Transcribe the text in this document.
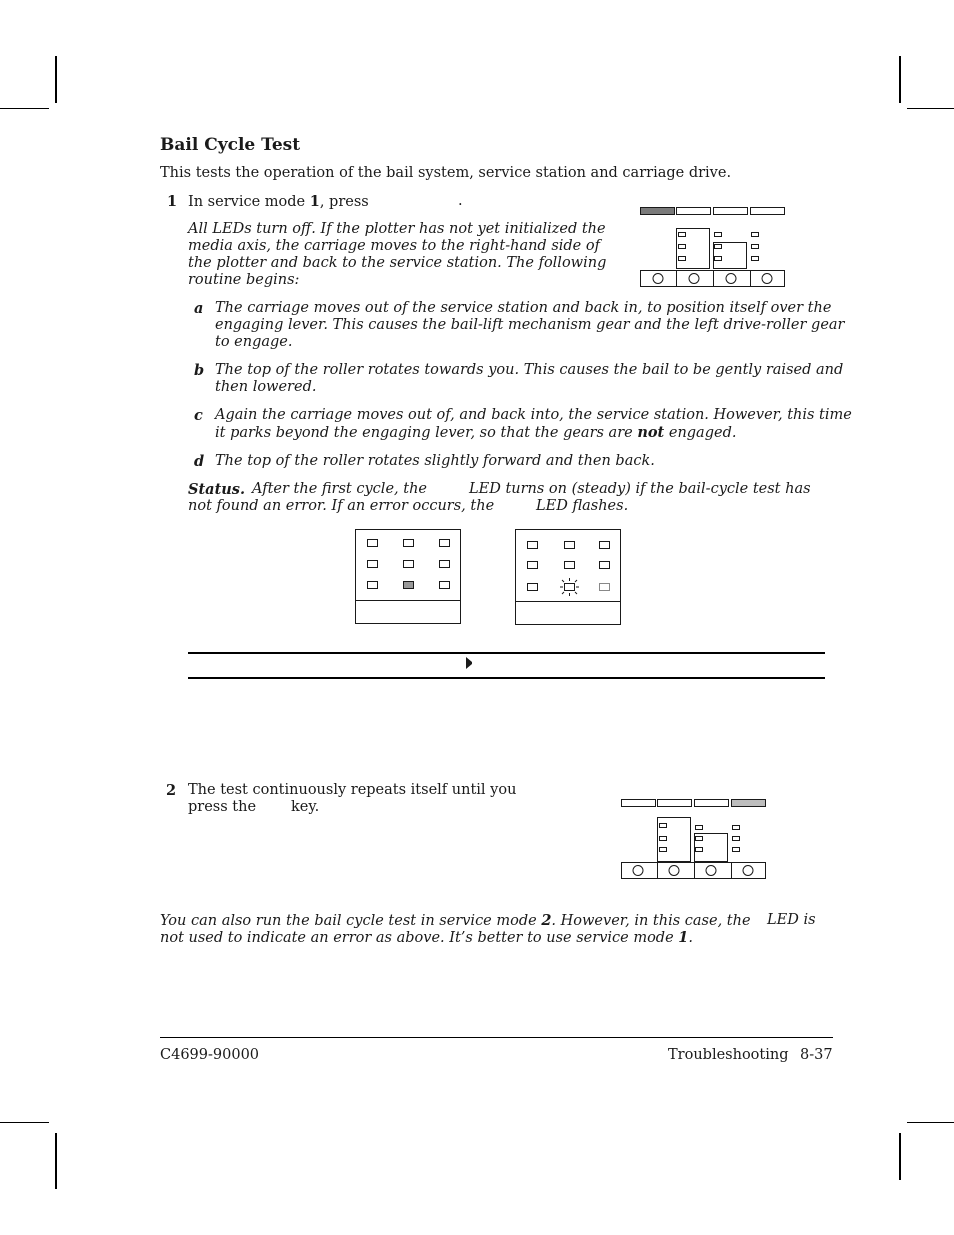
Bail Cycle Test
This tests the operation of the bail system, service station and carriage drive.
1 In service mode 1, press	.
All LEDs turn off. If the plotter has not yet initialized the
media axis, the carriage moves to the right-hand side of
the plotter and back to the service station. The following
routine begins:
a The carriage moves out of the service station and back in, to position itself over the
engaging lever. This causes the bail-lift mechanism gear and the left drive-roller gear
to engage.
b The top of the roller rotates towards you. This causes the bail to be gently raised and
then lowered.
c Again the carriage moves out of, and back into, the service station. However, this time
it parks beyond the engaging lever, so that the gears are not engaged.
d The top of the roller rotates slightly forward and then back.
Status. After the first cycle, the	LED turns on (steady) if the bail-cycle test has
not found an error. If an error occurs, the	LED flashes.
2 The test continuously repeats itself until you
press the key.
You can also run the bail cycle test in service mode 2. However, in this case, the LED is
not used to indicate an error as above. It’s better to use service mode 1.
C4699-90000	Troubleshooting 8-37
